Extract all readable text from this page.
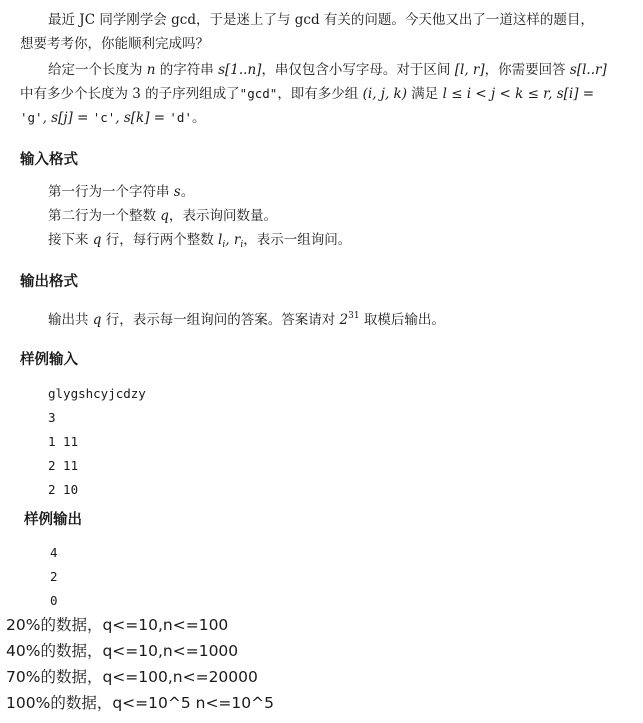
最近 JC 同学刚学会 gcd，于是迷上了与 gcd 有关的问题。今天他又出了一道这样的题目，
想要考考你，你能顺利完成吗？
给定一个长度为 n 的字符串 s[1..n]，串仅包含小写字母。对于区间 [l, r]，你需要回答 s[l..r]
中有多少个长度为 3 的子序列组成了"gcd"，即有多少组 (i, j, k) 满足 l ≤ i < j < k ≤ r, s[i] =
'g', s[j] = 'c', s[k] = 'd'。
输入格式
第一行为一个字符串 s。
第二行为一个整数 q，表示询问数量。
接下来 q 行，每行两个整数 $l_i$, $r_i$，表示一组询问。
输出格式
输出共 q 行，表示每一组询问的答案。答案请对 $2^{31}$ 取模后输出。
样例输入
glygshcyjcdzy
3
1 11
2 11
2 10
样例输出
4
2
0
20%的数据，q<=10,n<=100
40%的数据，q<=10,n<=1000
70%的数据，q<=100,n<=20000
100%的数据，q<=10^5 n<=10^5
